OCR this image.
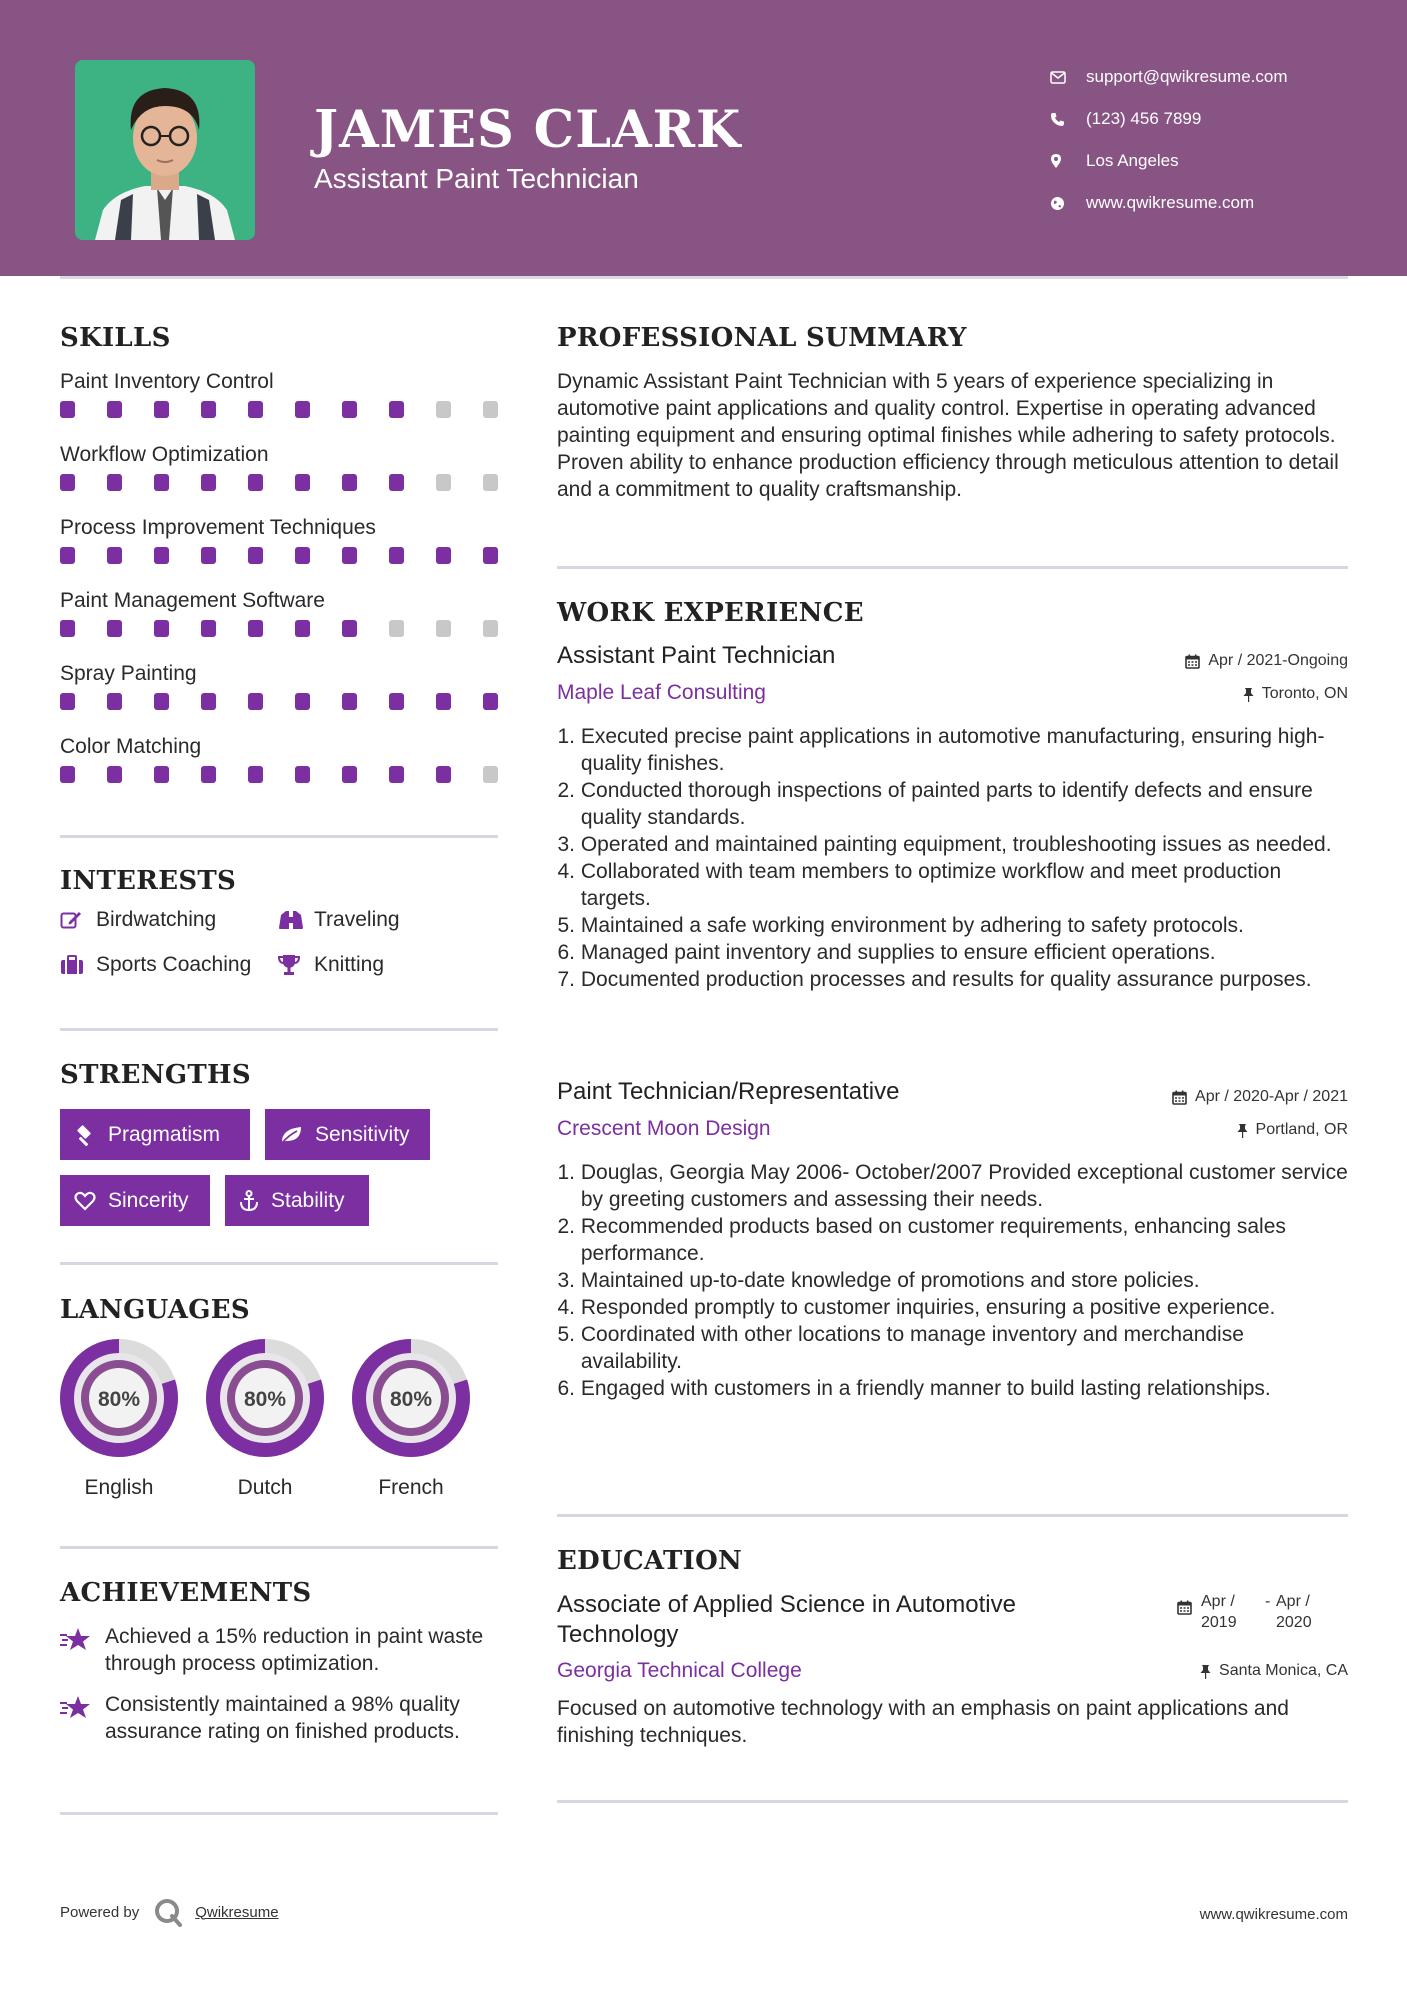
JAMES CLARK
Assistant Paint Technician
support@qwikresume.com
(123) 456 7899
Los Angeles
www.qwikresume.com
SKILLS
Paint Inventory Control
Workflow Optimization
Process Improvement Techniques
Paint Management Software
Spray Painting
Color Matching
INTERESTS
Birdwatching	Traveling
Sports Coaching	Knitting
STRENGTHS
Pragmatism	Sensitivity
Sincerity	Stability
LANGUAGES
80%
English
80%
Dutch
80%
French
ACHIEVEMENTS
Achieved a 15% reduction in paint waste through process optimization.
Consistently maintained a 98% quality assurance rating on finished products.
PROFESSIONAL SUMMARY
Dynamic Assistant Paint Technician with 5 years of experience specializing in automotive paint applications and quality control. Expertise in operating advanced painting equipment and ensuring optimal finishes while adhering to safety protocols. Proven ability to enhance production efficiency through meticulous attention to detail and a commitment to quality craftsmanship.
WORK EXPERIENCE
Assistant Paint Technician	Apr / 2021-Ongoing
Maple Leaf Consulting	Toronto, ON
1.
Executed precise paint applications in automotive manufacturing, ensuring high-quality finishes.
2.
Conducted thorough inspections of painted parts to identify defects and ensure quality standards.
3.
Operated and maintained painting equipment, troubleshooting issues as needed.
4.
Collaborated with team members to optimize workflow and meet production targets.
5.
Maintained a safe working environment by adhering to safety protocols.
6.
Managed paint inventory and supplies to ensure efficient operations.
7.
Documented production processes and results for quality assurance purposes.
Paint Technician/Representative	Apr / 2020-Apr / 2021
Crescent Moon Design	Portland, OR
1.
Douglas, Georgia May 2006- October/2007 Provided exceptional customer service by greeting customers and assessing their needs.
2.
Recommended products based on customer requirements, enhancing sales performance.
3.
Maintained up-to-date knowledge of promotions and store policies.
4.
Responded promptly to customer inquiries, ensuring a positive experience.
5.
Coordinated with other locations to manage inventory and merchandise availability.
6.
Engaged with customers in a friendly manner to build lasting relationships.
EDUCATION
Associate of Applied Science in Automotive Technology
Apr / 2019
- Apr / 2020
Georgia Technical College	Santa Monica, CA
Focused on automotive technology with an emphasis on paint applications and finishing techniques.
Powered by	Qwikresume	www.qwikresume.com
